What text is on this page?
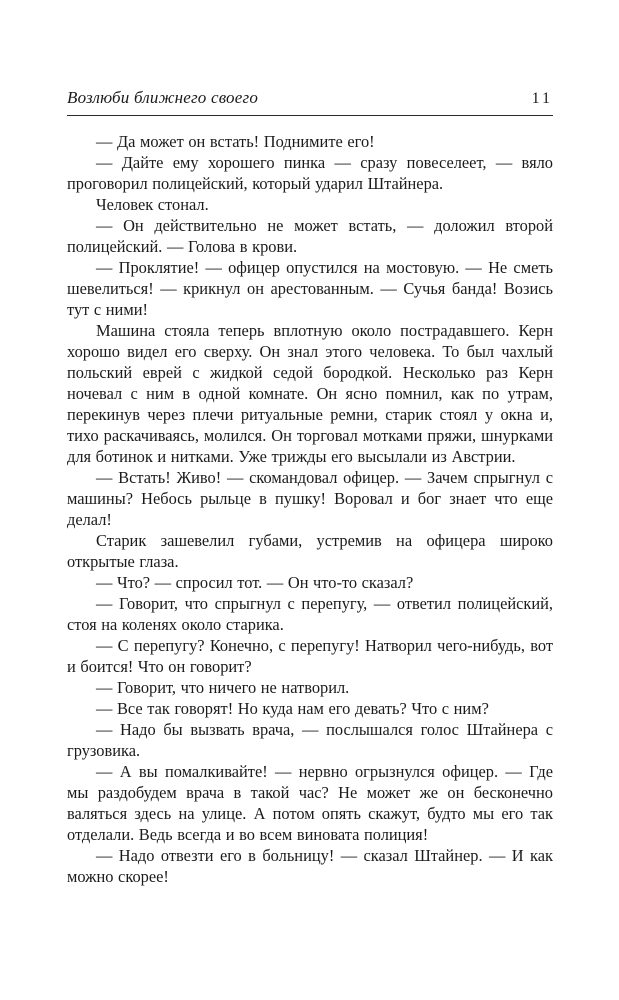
Возлюби ближнего своего	11

— Да может он встать! Поднимите его!

— Дайте ему хорошего пинка — сразу повеселеет, — вяло проговорил полицейский, который ударил Штайнера.

Человек стонал.

— Он действительно не может встать, — доложил второй полицейский. — Голова в крови.

— Проклятие! — офицер опустился на мостовую. — Не сметь шевелиться! — крикнул он арестованным. — Сучья банда! Возись тут с ними!

Машина стояла теперь вплотную около пострадавшего. Керн хорошо видел его сверху. Он знал этого человека. То был чахлый польский еврей с жидкой седой бородкой. Несколько раз Керн ночевал с ним в одной комнате. Он ясно помнил, как по утрам, перекинув через плечи ритуальные ремни, старик стоял у окна и, тихо раскачиваясь, молился. Он торговал мотками пряжи, шнурками для ботинок и нитками. Уже трижды его высылали из Австрии.

— Встать! Живо! — скомандовал офицер. — Зачем спрыгнул с машины? Небось рыльце в пушку! Воровал и бог знает что еще делал!

Старик зашевелил губами, устремив на офицера широко открытые глаза.

— Что? — спросил тот. — Он что-то сказал?

— Говорит, что спрыгнул с перепугу, — ответил полицейский, стоя на коленях около старика.

— С перепугу? Конечно, с перепугу! Натворил чего-нибудь, вот и боится! Что он говорит?

— Говорит, что ничего не натворил.

— Все так говорят! Но куда нам его девать? Что с ним?

— Надо бы вызвать врача, — послышался голос Штайнера с грузовика.

— А вы помалкивайте! — нервно огрызнулся офицер. — Где мы раздобудем врача в такой час? Не может же он бесконечно валяться здесь на улице. А потом опять скажут, будто мы его так отделали. Ведь всегда и во всем виновата полиция!

— Надо отвезти его в больницу! — сказал Штайнер. — И как можно скорее!
